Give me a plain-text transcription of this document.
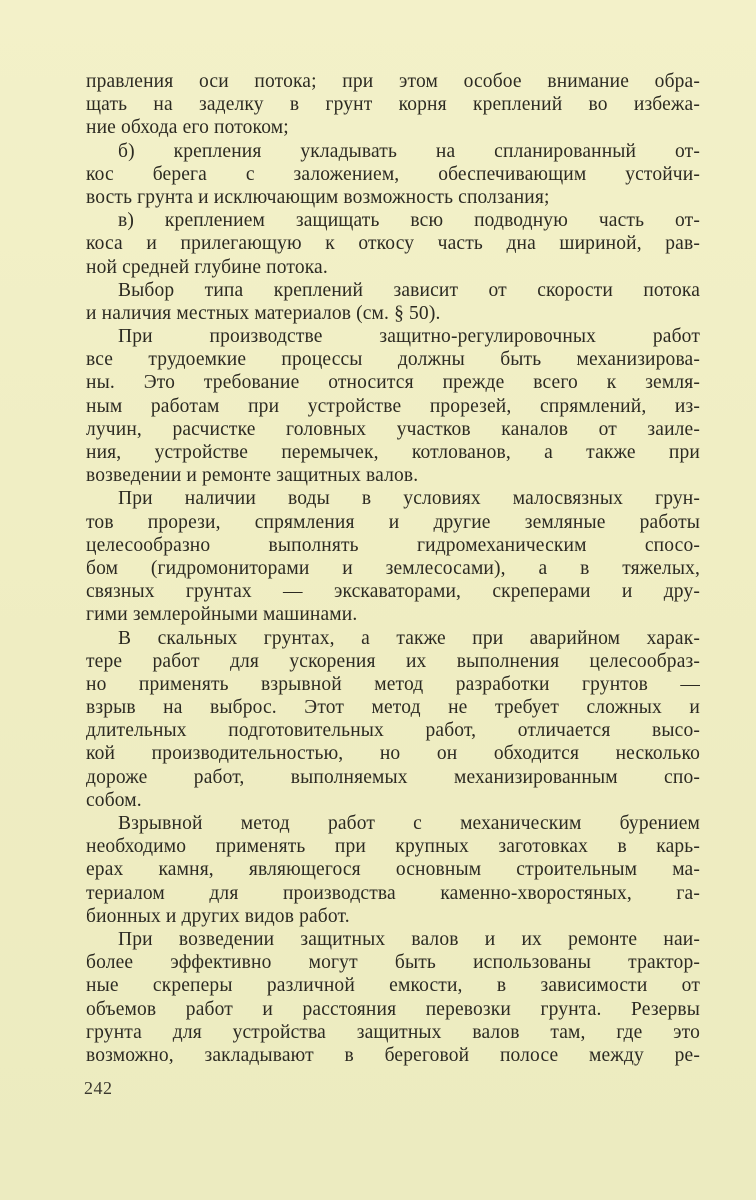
правления оси потока; при этом особое внимание обра-
щать на заделку в грунт корня креплений во избежа-
ние обхода его потоком;
б) крепления укладывать на спланированный от-
кос берега с заложением, обеспечивающим устойчи-
вость грунта и исключающим возможность сползания;
в) креплением защищать всю подводную часть от-
коса и прилегающую к откосу часть дна шириной, рав-
ной средней глубине потока.
Выбор типа креплений зависит от скорости потока
и наличия местных материалов (см. § 50).
При производстве защитно-регулировочных работ
все трудоемкие процессы должны быть механизирова-
ны. Это требование относится прежде всего к земля-
ным работам при устройстве прорезей, спрямлений, из-
лучин, расчистке головных участков каналов от заиле-
ния, устройстве перемычек, котлованов, а также при
возведении и ремонте защитных валов.
При наличии воды в условиях малосвязных грун-
тов прорези, спрямления и другие земляные работы
целесообразно выполнять гидромеханическим спосо-
бом (гидромониторами и землесосами), а в тяжелых,
связных грунтах — экскаваторами, скреперами и дру-
гими землеройными машинами.
В скальных грунтах, а также при аварийном харак-
тере работ для ускорения их выполнения целесообраз-
но применять взрывной метод разработки грунтов —
взрыв на выброс. Этот метод не требует сложных и
длительных подготовительных работ, отличается высо-
кой производительностью, но он обходится несколько
дороже работ, выполняемых механизированным спо-
собом.
Взрывной метод работ с механическим бурением
необходимо применять при крупных заготовках в карь-
ерах камня, являющегося основным строительным ма-
териалом для производства каменно-хворостяных, га-
бионных и других видов работ.
При возведении защитных валов и их ремонте наи-
более эффективно могут быть использованы трактор-
ные скреперы различной емкости, в зависимости от
объемов работ и расстояния перевозки грунта. Резервы
грунта для устройства защитных валов там, где это
возможно, закладывают в береговой полосе между ре-
242
